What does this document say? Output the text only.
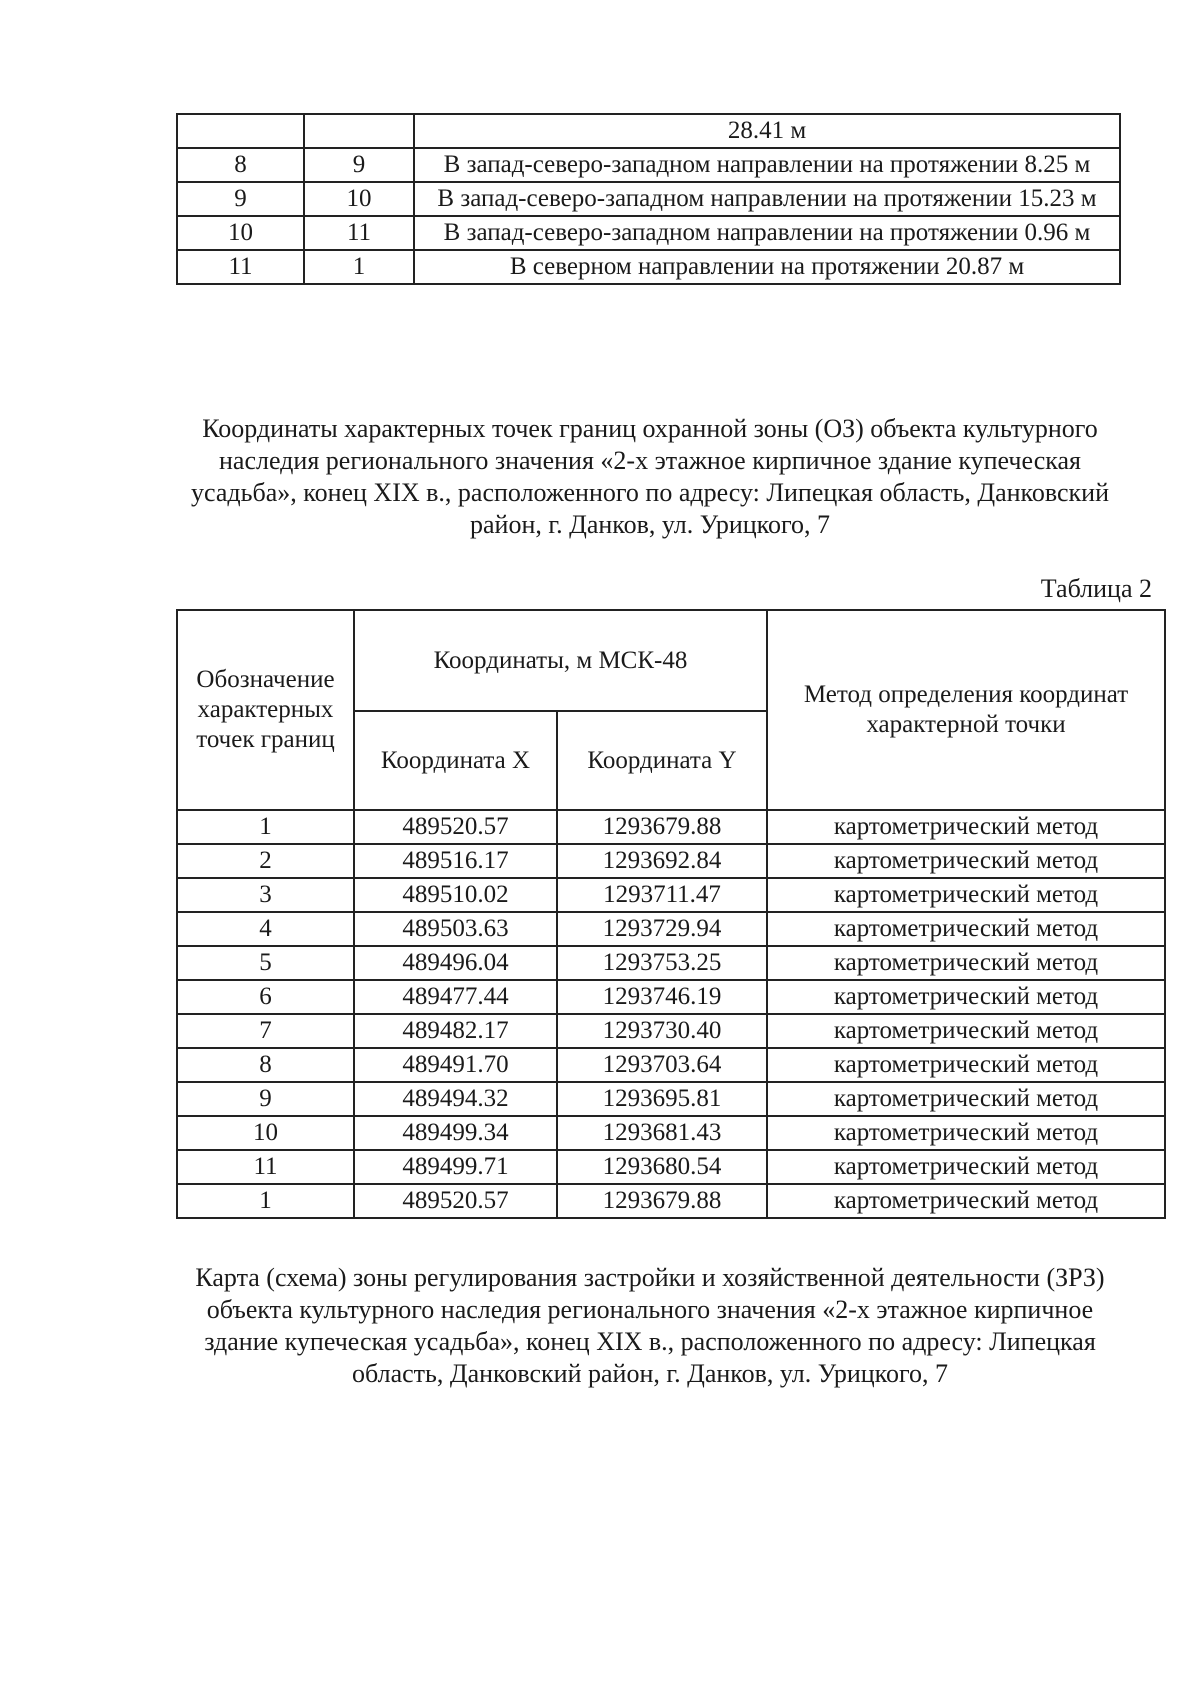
		28.41 м
8	9	В запад-северо-западном направлении на протяжении 8.25 м
9	10	В запад-северо-западном направлении на протяжении 15.23 м
10	11	В запад-северо-западном направлении на протяжении 0.96 м
11	1	В северном направлении на протяжении 20.87 м
Координаты характерных точек границ охранной зоны (ОЗ) объекта культурного наследия регионального значения «2-х этажное кирпичное здание купеческая усадьба», конец XIX в., расположенного по адресу: Липецкая область, Данковский район, г. Данков, ул. Урицкого, 7
Таблица 2
Обозначение характерных точек границ	Координаты, м МСК-48		Метод определения координат характерной точки
	Координата X	Координата Y	
1	489520.57	1293679.88	картометрический метод
2	489516.17	1293692.84	картометрический метод
3	489510.02	1293711.47	картометрический метод
4	489503.63	1293729.94	картометрический метод
5	489496.04	1293753.25	картометрический метод
6	489477.44	1293746.19	картометрический метод
7	489482.17	1293730.40	картометрический метод
8	489491.70	1293703.64	картометрический метод
9	489494.32	1293695.81	картометрический метод
10	489499.34	1293681.43	картометрический метод
11	489499.71	1293680.54	картометрический метод
1	489520.57	1293679.88	картометрический метод
Карта (схема) зоны регулирования застройки и хозяйственной деятельности (ЗРЗ) объекта культурного наследия регионального значения «2-х этажное кирпичное здание купеческая усадьба», конец XIX в., расположенного по адресу: Липецкая область, Данковский район, г. Данков, ул. Урицкого, 7
